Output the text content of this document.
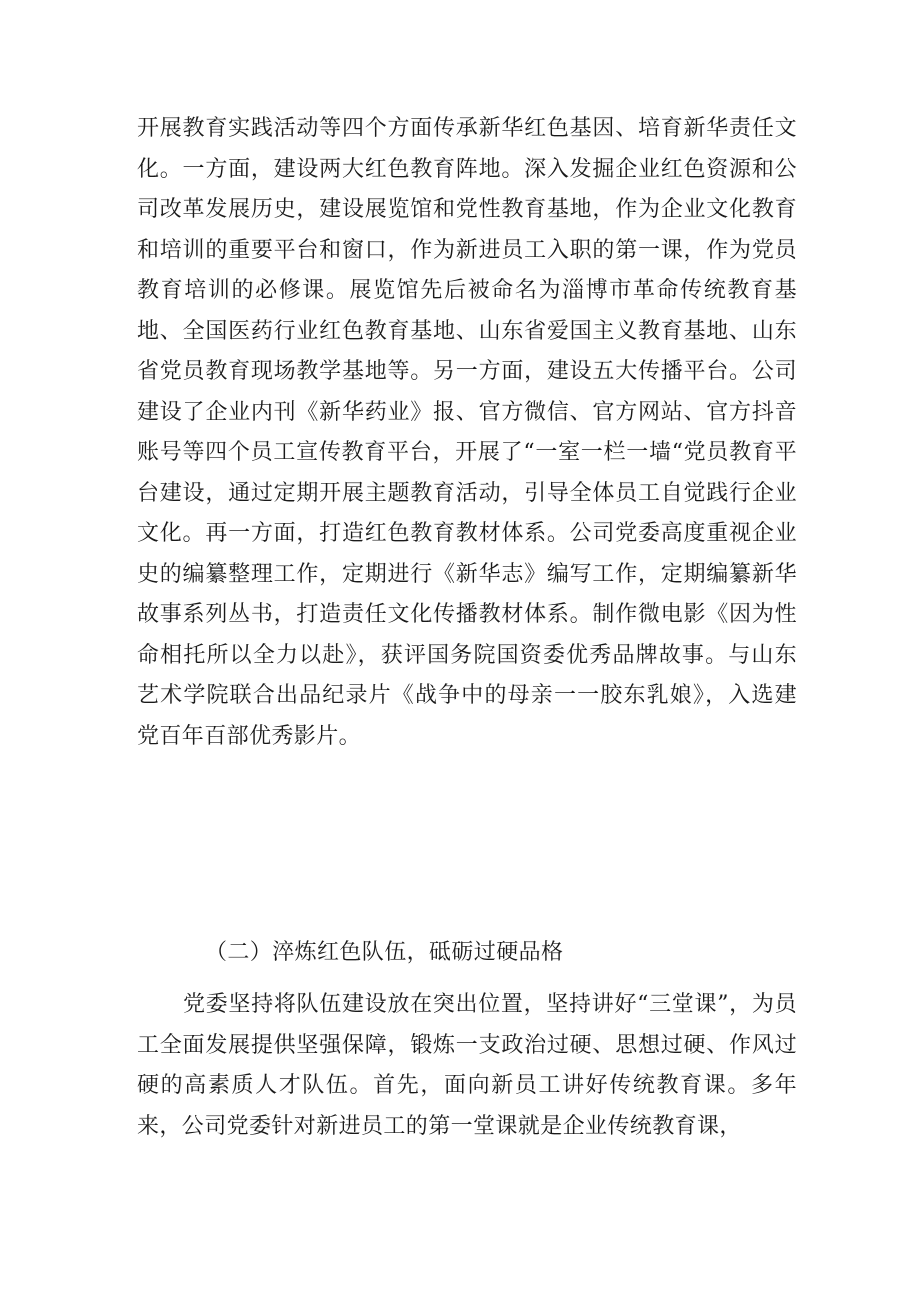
开展教育实践活动等四个方面传承新华红色基因、培育新华责任文化。一方面，建设两大红色教育阵地。深入发掘企业红色资源和公司改革发展历史，建设展览馆和党性教育基地，作为企业文化教育和培训的重要平台和窗口，作为新进员工入职的第一课，作为党员教育培训的必修课。展览馆先后被命名为淄博市革命传统教育基地、全国医药行业红色教育基地、山东省爱国主义教育基地、山东省党员教育现场教学基地等。另一方面，建设五大传播平台。公司建设了企业内刊《新华药业》报、官方微信、官方网站、官方抖音账号等四个员工宣传教育平台，开展了“一室一栏一墙“党员教育平台建设，通过定期开展主题教育活动，引导全体员工自觉践行企业文化。再一方面，打造红色教育教材体系。公司党委高度重视企业史的编纂整理工作，定期进行《新华志》编写工作，定期编纂新华故事系列丛书，打造责任文化传播教材体系。制作微电影《因为性命相托所以全力以赴》，获评国务院国资委优秀品牌故事。与山东艺术学院联合出品纪录片《战争中的母亲一一胶东乳娘》，入选建党百年百部优秀影片。

（二）淬炼红色队伍，砥砺过硬品格

党委坚持将队伍建设放在突出位置，坚持讲好“三堂课”，为员工全面发展提供坚强保障，锻炼一支政治过硬、思想过硬、作风过硬的高素质人才队伍。首先，面向新员工讲好传统教育课。多年来，公司党委针对新进员工的第一堂课就是企业传统教育课，
